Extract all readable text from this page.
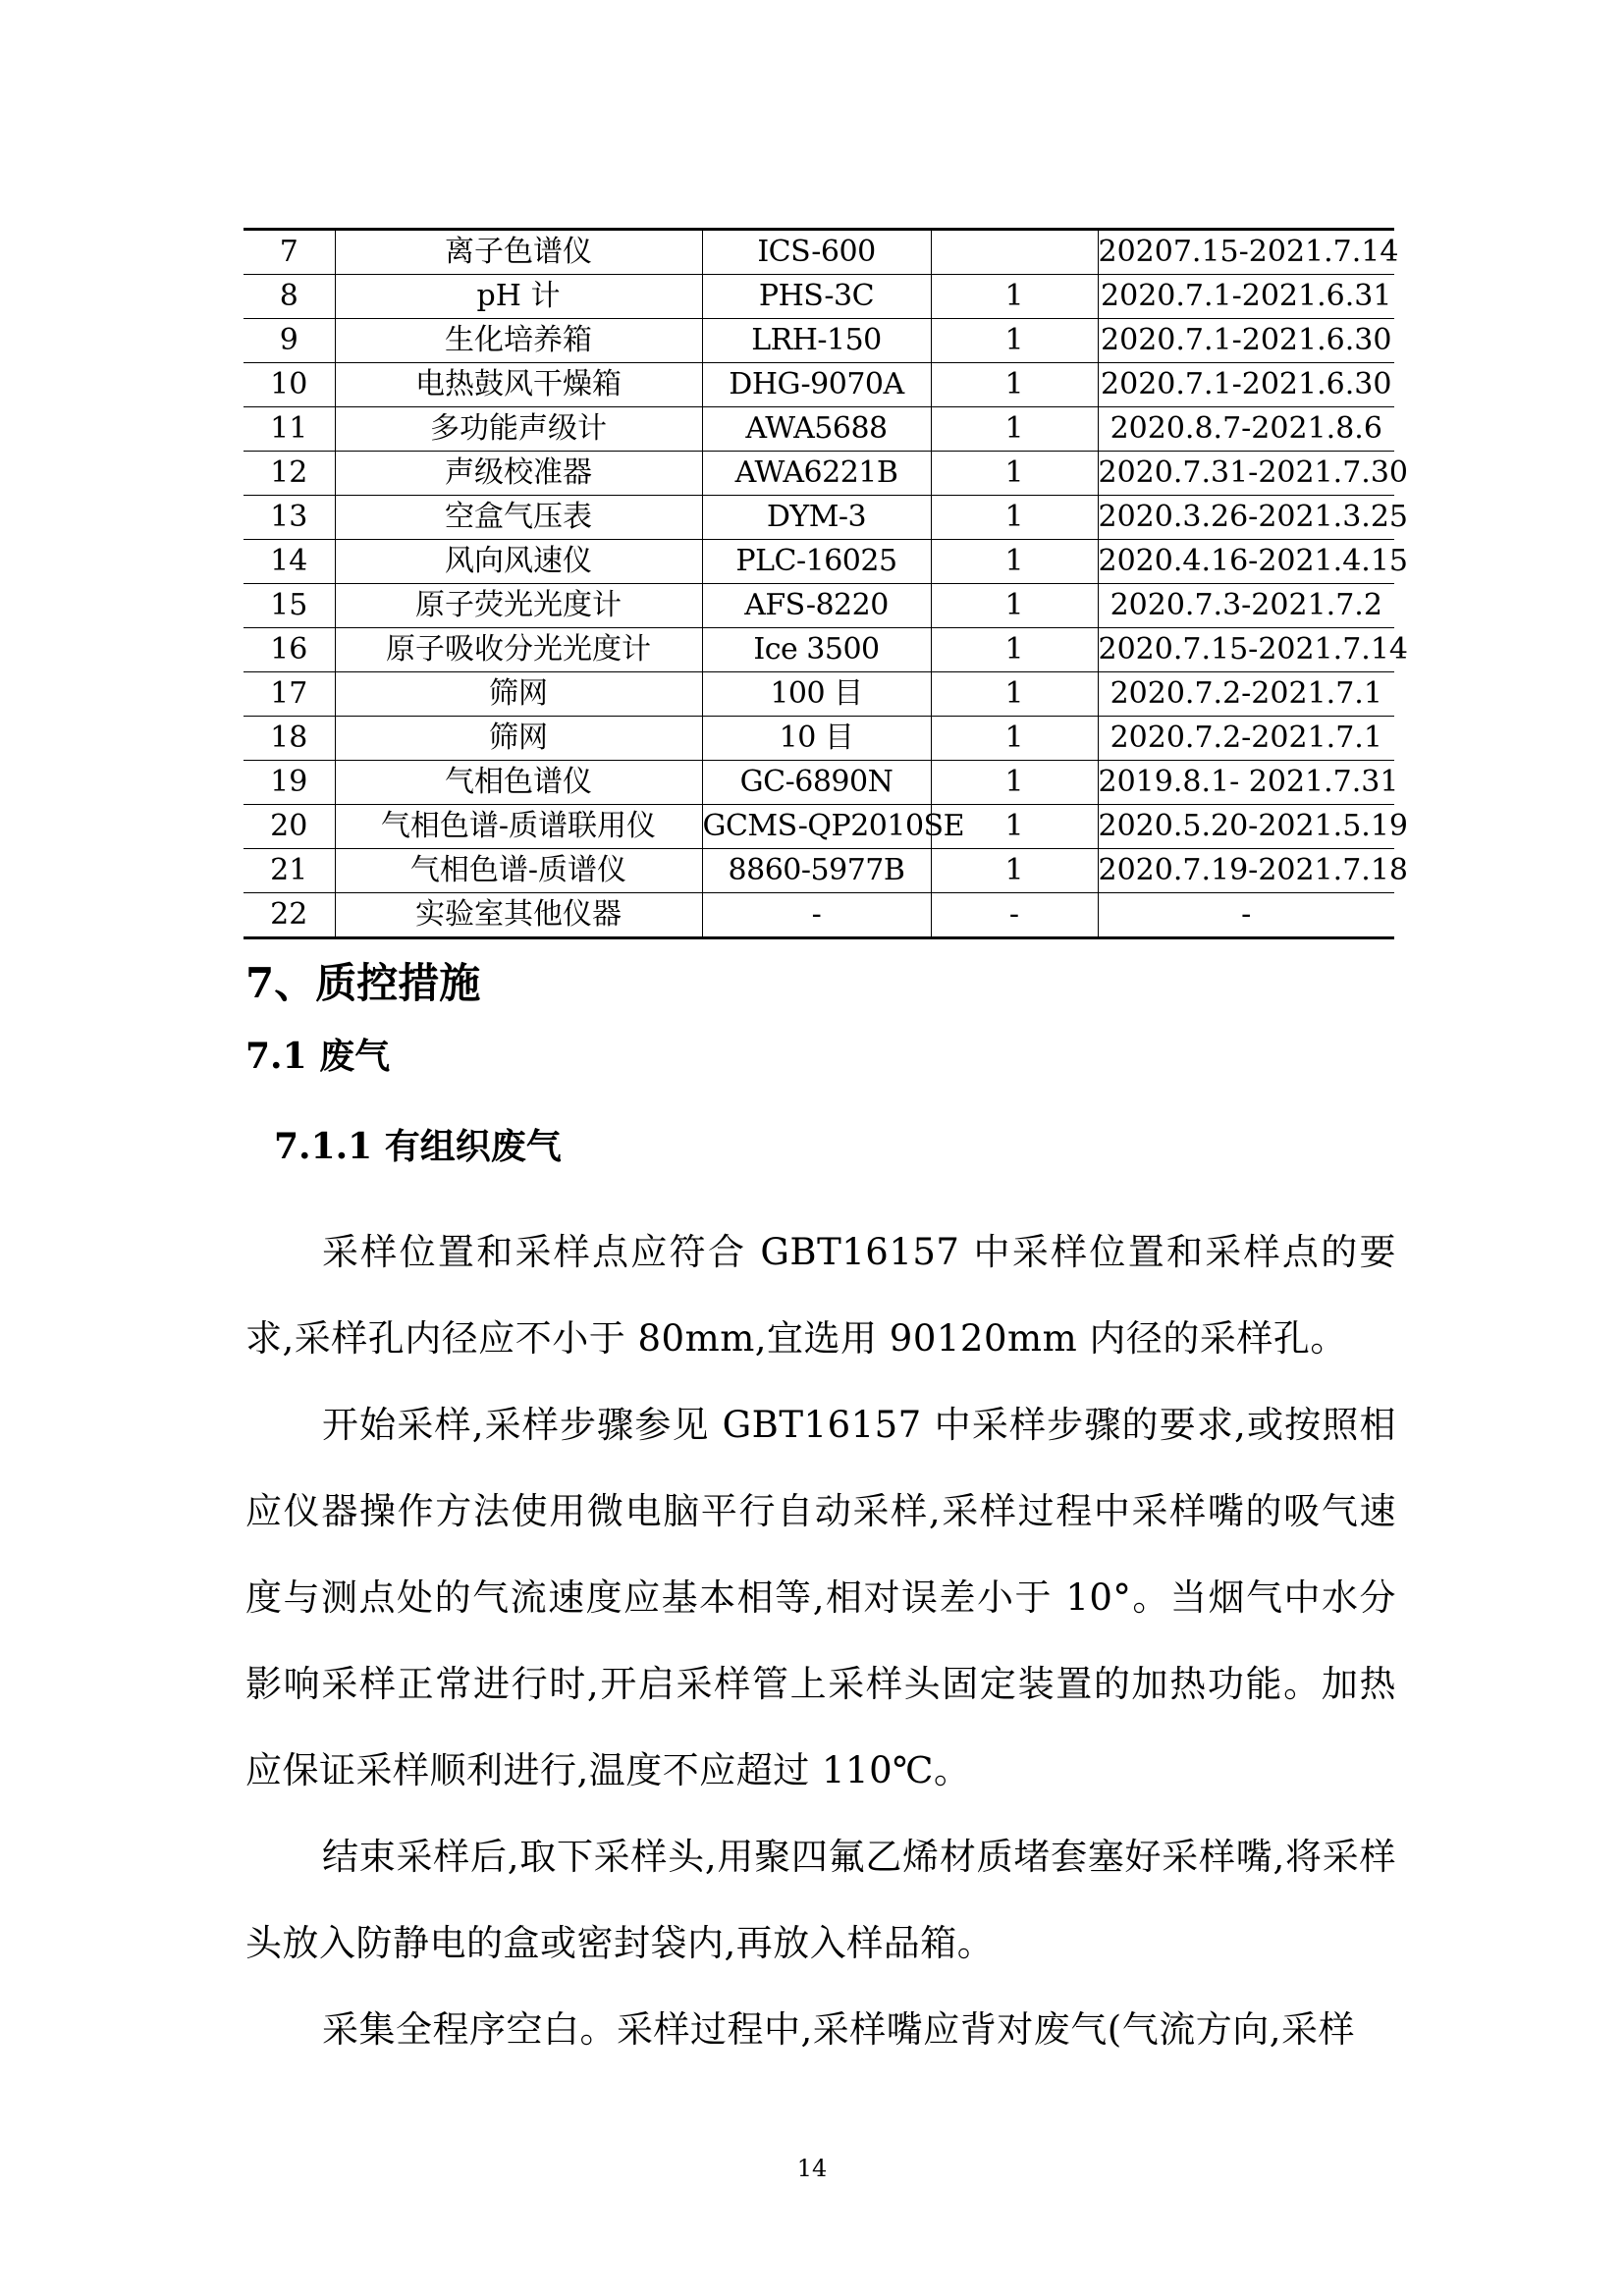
7	离子色谱仪	ICS-600		20207.15-2021.7.14
8	pH 计	PHS-3C	1	2020.7.1-2021.6.31
9	生化培养箱	LRH-150	1	2020.7.1-2021.6.30
10	电热鼓风干燥箱	DHG-9070A	1	2020.7.1-2021.6.30
11	多功能声级计	AWA5688	1	2020.8.7-2021.8.6
12	声级校准器	AWA6221B	1	2020.7.31-2021.7.30
13	空盒气压表	DYM-3	1	2020.3.26-2021.3.25
14	风向风速仪	PLC-16025	1	2020.4.16-2021.4.15
15	原子荧光光度计	AFS-8220	1	2020.7.3-2021.7.2
16	原子吸收分光光度计	Ice 3500	1	2020.7.15-2021.7.14
17	筛网	100 目	1	2020.7.2-2021.7.1
18	筛网	10 目	1	2020.7.2-2021.7.1
19	气相色谱仪	GC-6890N	1	2019.8.1- 2021.7.31
20	气相色谱-质谱联用仪	GCMS-QP2010SE	1	2020.5.20-2021.5.19
21	气相色谱-质谱仪	8860-5977B	1	2020.7.19-2021.7.18
22	实验室其他仪器	-	-	-
7、质控措施
7.1 废气
7.1.1 有组织废气

采样位置和采样点应符合 GBT16157 中采样位置和采样点的要求,采样孔内径应不小于 80mm,宜选用 90120mm 内径的采样孔。

开始采样,采样步骤参见 GBT16157 中采样步骤的要求,或按照相应仪器操作方法使用微电脑平行自动采样,采样过程中采样嘴的吸气速度与测点处的气流速度应基本相等,相对误差小于 10°。当烟气中水分影响采样正常进行时,开启采样管上采样头固定装置的加热功能。加热应保证采样顺利进行,温度不应超过 110℃。

结束采样后,取下采样头,用聚四氟乙烯材质堵套塞好采样嘴,将采样头放入防静电的盒或密封袋内,再放入样品箱。

采集全程序空白。采样过程中,采样嘴应背对废气(气流方向,采样

14
